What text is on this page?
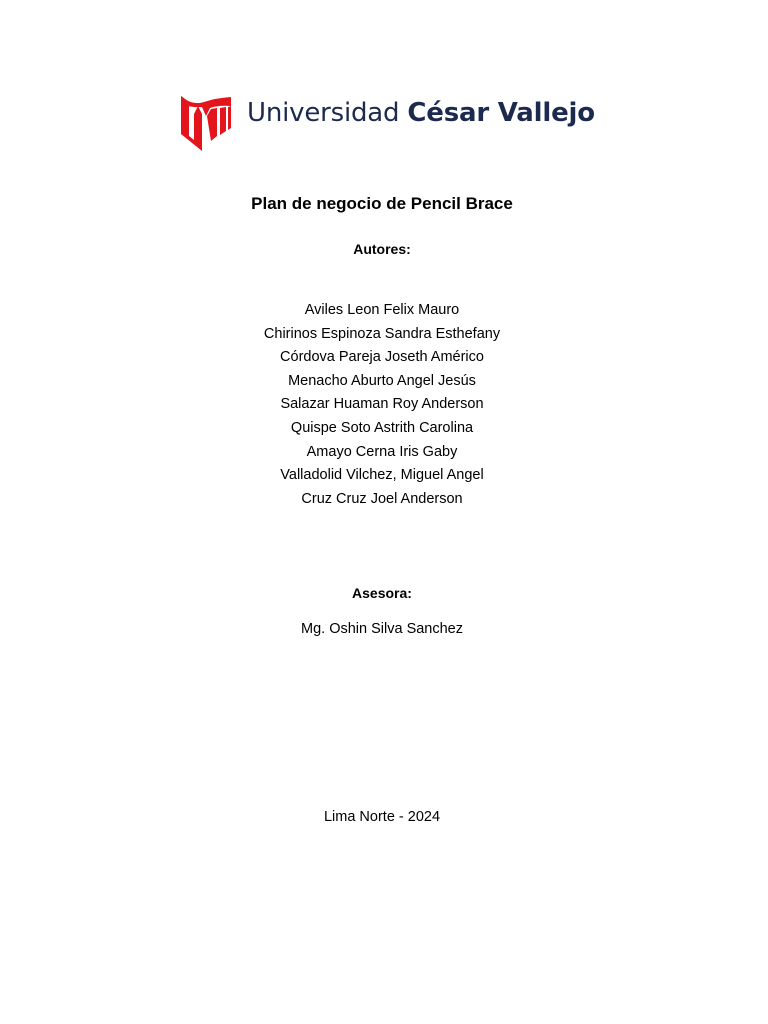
Universidad César Vallejo
Plan de negocio de Pencil Brace
Autores:
Aviles Leon Felix Mauro
Chirinos Espinoza Sandra Esthefany
Córdova Pareja Joseth Américo
Menacho Aburto Angel Jesús
Salazar Huaman Roy Anderson
Quispe Soto Astrith Carolina
Amayo Cerna Iris Gaby
Valladolid Vilchez, Miguel Angel
Cruz Cruz Joel Anderson
Asesora:
Mg. Oshin Silva Sanchez
Lima Norte - 2024
